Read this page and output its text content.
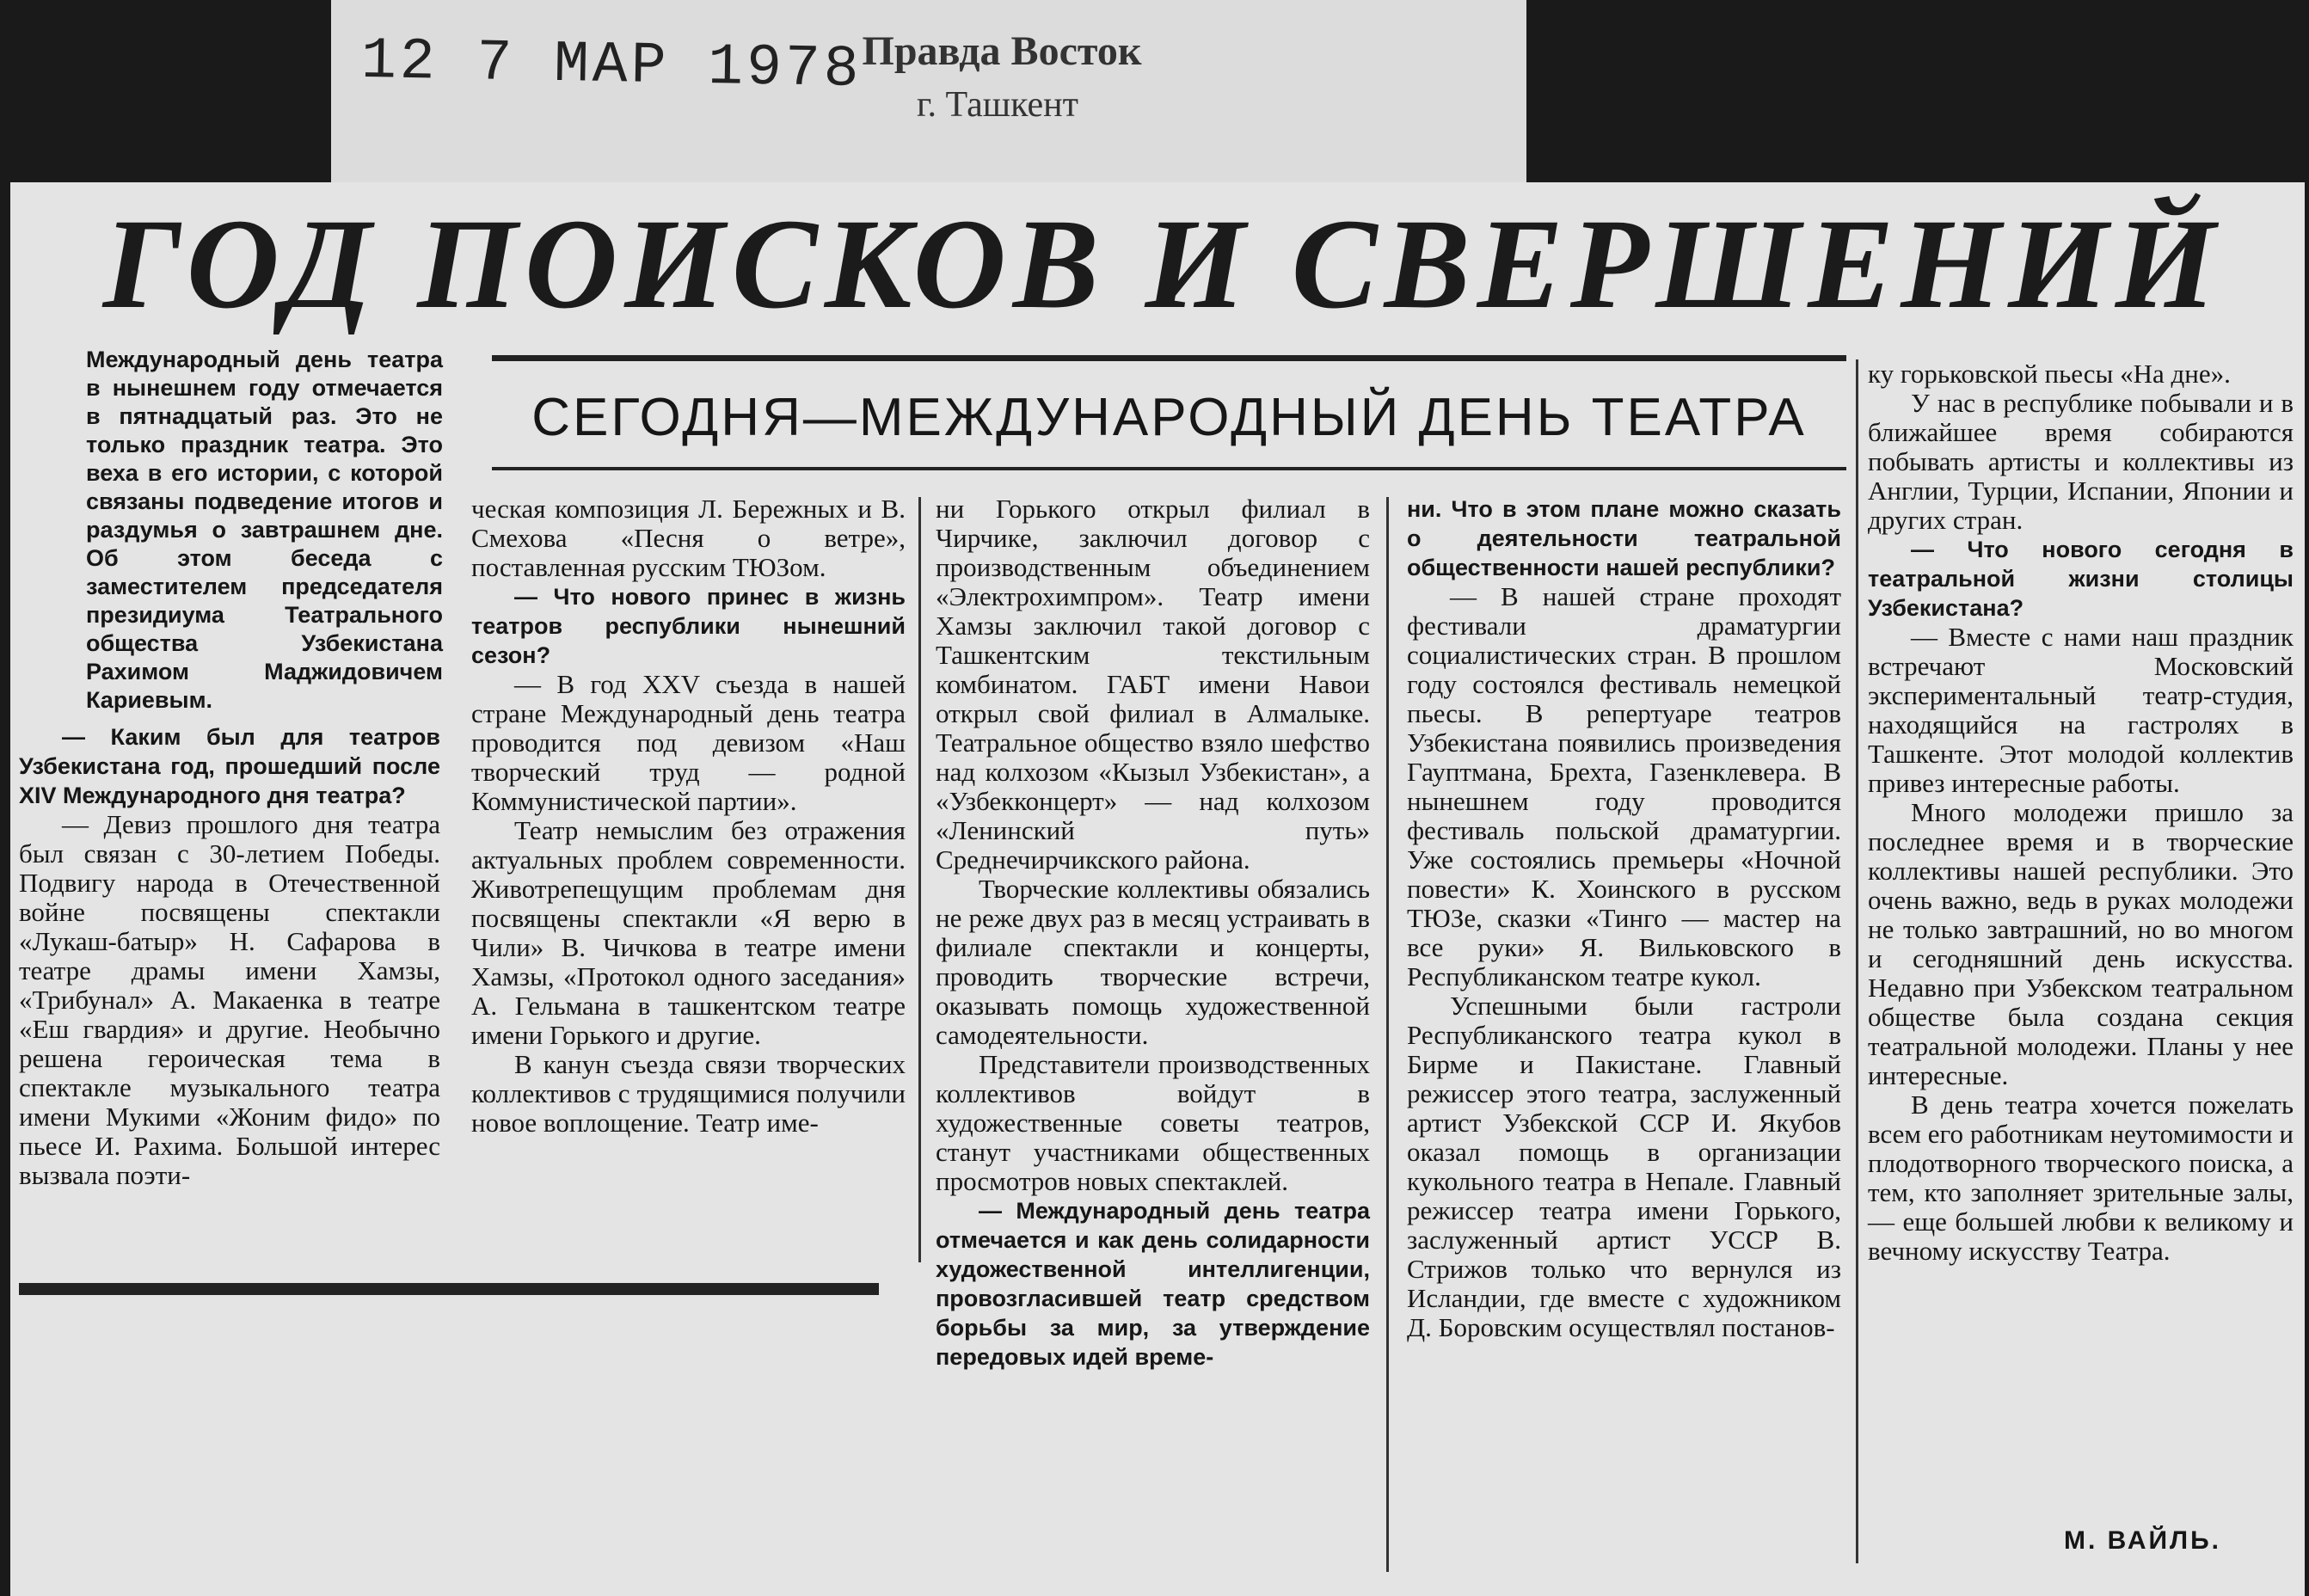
12 7 МАР 1978 Правда Восток
г. Ташкент
ГОД ПОИСКОВ И СВЕРШЕНИЙ
Международный день театра в нынешнем году отмечается в пятнадцатый раз. Это не только праздник театра. Это веха в его истории, с которой связаны подведение итогов и раздумья о завтрашнем дне. Об этом беседа с заместителем председателя президиума Театрального общества Узбекистана Рахимом Маджидовичем Кариевым.
СЕГОДНЯ—МЕЖДУНАРОДНЫЙ ДЕНЬ ТЕАТРА

— Каким был для театров Узбекистана год, прошедший после XIV Международного дня театра?

— Девиз прошлого дня театра был связан с 30-летием Победы. Подвигу народа в Отечественной войне посвящены спектакли «Лукаш-батыр» Н. Сафарова в театре драмы имени Хамзы, «Трибунал» А. Макаенка в театре «Еш гвардия» и другие. Необычно решена героическая тема в спектакле музыкального театра имени Мукими «Жоним фидо» по пьесе И. Рахима. Большой интерес вызвала поэти-

ческая композиция Л. Бережных и В. Смехова «Песня о ветре», поставленная русским ТЮЗом.

— Что нового принес в жизнь театров республики нынешний сезон?

— В год XXV съезда в нашей стране Международный день театра проводится под девизом «Наш творческий труд — родной Коммунистической партии».

Театр немыслим без отражения актуальных проблем современности. Животрепещущим проблемам дня посвящены спектакли «Я верю в Чили» В. Чичкова в театре имени Хамзы, «Протокол одного заседания» А. Гельмана в ташкентском театре имени Горького и другие.

В канун съезда связи творческих коллективов с трудящимися получили новое воплощение. Театр име-

ни Горького открыл филиал в Чирчике, заключил договор с производственным объединением «Электрохимпром». Театр имени Хамзы заключил такой договор с Ташкентским текстильным комбинатом. ГАБТ имени Навои открыл свой филиал в Алмалыке. Театральное общество взяло шефство над колхозом «Кызыл Узбекистан», а «Узбекконцерт» — над колхозом «Ленинский путь» Среднечирчикского района.

Творческие коллективы обязались не реже двух раз в месяц устраивать в филиале спектакли и концерты, проводить творческие встречи, оказывать помощь художественной самодеятельности.

Представители производственных коллективов войдут в художественные советы театров, станут участниками общественных просмотров новых спектаклей.

— Международный день театра отмечается и как день солидарности художественной интеллигенции, провозгласившей театр средством борьбы за мир, за утверждение передовых идей време-

ни. Что в этом плане можно сказать о деятельности театральной общественности нашей республики?

— В нашей стране проходят фестивали драматургии социалистических стран. В прошлом году состоялся фестиваль немецкой пьесы. В репертуаре театров Узбекистана появились произведения Гауптмана, Брехта, Газенклевера. В нынешнем году проводится фестиваль польской драматургии. Уже состоялись премьеры «Ночной повести» К. Хоинского в русском ТЮЗе, сказки «Тинго — мастер на все руки» Я. Вильковского в Республиканском театре кукол.

Успешными были гастроли Республиканского театра кукол в Бирме и Пакистане. Главный режиссер этого театра, заслуженный артист Узбекской ССР И. Якубов оказал помощь в организации кукольного театра в Непале. Главный режиссер театра имени Горького, заслуженный артист УССР В. Стрижов только что вернулся из Исландии, где вместе с художником Д. Боровским осуществлял постанов-

ку горьковской пьесы «На дне».

У нас в республике побывали и в ближайшее время собираются побывать артисты и коллективы из Англии, Турции, Испании, Японии и других стран.

— Что нового сегодня в театральной жизни столицы Узбекистана?

— Вместе с нами наш праздник встречают Московский экспериментальный театр-студия, находящийся на гастролях в Ташкенте. Этот молодой коллектив привез интересные работы.

Много молодежи пришло за последнее время и в творческие коллективы нашей республики. Это очень важно, ведь в руках молодежи не только завтрашний, но во многом и сегодняшний день искусства. Недавно при Узбекском театральном обществе была создана секция театральной молодежи. Планы у нее интересные.

В день театра хочется пожелать всем его работникам неутомимости и плодотворного творческого поиска, а тем, кто заполняет зрительные залы, — еще большей любви к великому и вечному искусству Театра.

М. ВАЙЛЬ.
